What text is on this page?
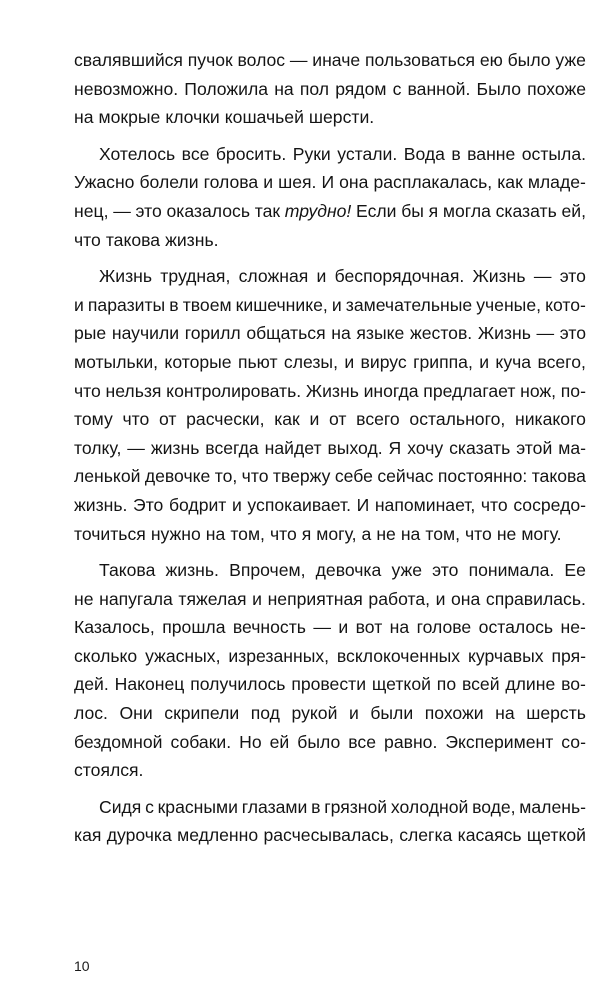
свалявшийся пучок волос — иначе пользоваться ею было уже
невозможно. Положила на пол рядом с ванной. Было похоже
на мокрые клочки кошачьей шерсти.
Хотелось все бросить. Руки устали. Вода в ванне остыла.
Ужасно болели голова и шея. И она расплакалась, как младе-
нец, — это оказалось так трудно! Если бы я могла сказать ей,
что такова жизнь.
Жизнь трудная, сложная и беспорядочная. Жизнь — это
и паразиты в твоем кишечнике, и замечательные ученые, кото-
рые научили горилл общаться на языке жестов. Жизнь — это
мотыльки, которые пьют слезы, и вирус гриппа, и куча всего,
что нельзя контролировать. Жизнь иногда предлагает нож, по-
тому что от расчески, как и от всего остального, никакого
толку, — жизнь всегда найдет выход. Я хочу сказать этой ма-
ленькой девочке то, что твержу себе сейчас постоянно: такова
жизнь. Это бодрит и успокаивает. И напоминает, что сосредо-
точиться нужно на том, что я могу, а не на том, что не могу.
Такова жизнь. Впрочем, девочка уже это понимала. Ее
не напугала тяжелая и неприятная работа, и она справилась.
Казалось, прошла вечность — и вот на голове осталось не-
сколько ужасных, изрезанных, всклокоченных курчавых пря-
дей. Наконец получилось провести щеткой по всей длине во-
лос. Они скрипели под рукой и были похожи на шерсть
бездомной собаки. Но ей было все равно. Эксперимент со-
стоялся.
Сидя с красными глазами в грязной холодной воде, малень-
кая дурочка медленно расчесывалась, слегка касаясь щеткой
10
